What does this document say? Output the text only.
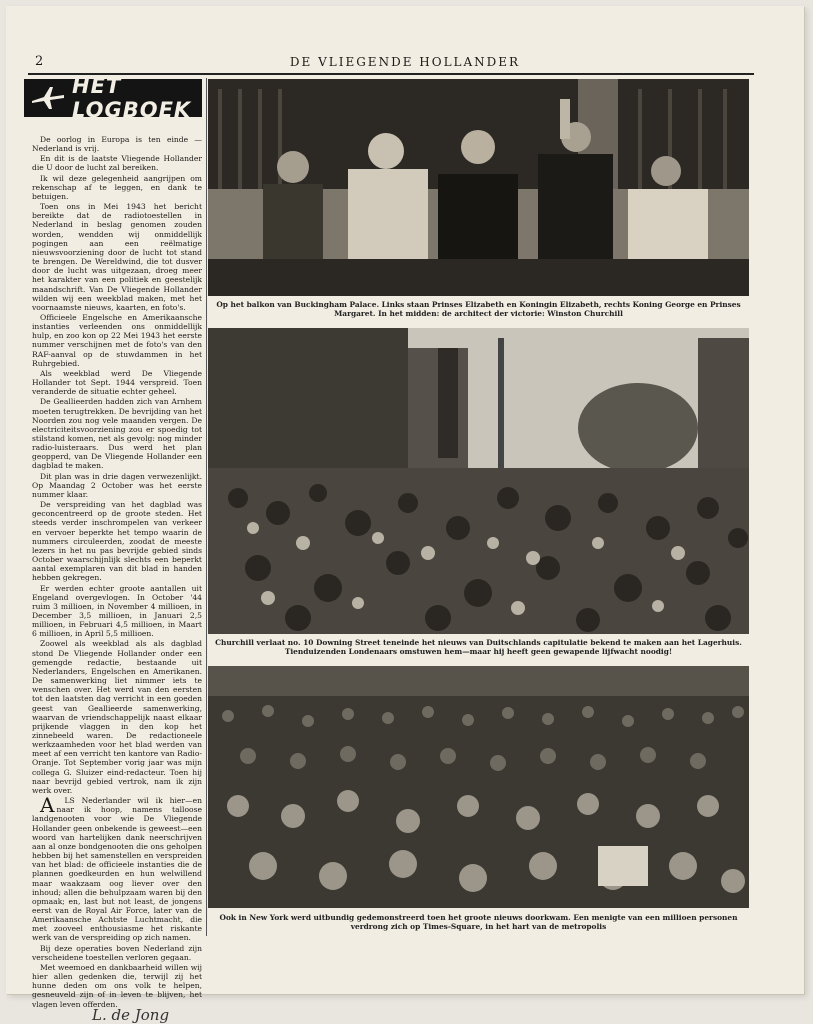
2	DE VLIEGENDE HOLLANDER
HET LOGBOEK

De oorlog in Europa is ten einde — Nederland is vrij.

En dit is de laatste Vliegende Hollander die U door de lucht zal bereiken.

Ik wil deze gelegenheid aangrijpen om rekenschap af te leggen, en dank te betuigen.

Toen ons in Mei 1943 het bericht bereikte dat de radiotoestellen in Nederland in beslag genomen zouden worden, wendden wij onmiddellijk pogingen aan een reëlmatige nieuwsvoorziening door de lucht tot stand te brengen. De Wereldwind, die tot dusver door de lucht was uitgezaan, droeg meer het karakter van een politiek en geestelijk maandschrift. Van De Vliegende Hollander wilden wij een weekblad maken, met het voornaamste nieuws, kaarten, en foto's.

Officieele Engelsche en Amerikaansche instanties verleenden ons onmiddellijk hulp, en zoo kon op 22 Mei 1943 het eerste nummer verschijnen met de foto's van den RAF-aanval op de stuwdammen in het Ruhrgebied.

Als weekblad werd De Vliegende Hollander tot Sept. 1944 verspreid. Toen veranderde de situatie echter geheel.

De Geallieerden hadden zich van Arnhem moeten terugtrekken. De bevrijding van het Noorden zou nog vele maanden vergen. De electriciteitsvoorziening zou er spoedig tot stilstand komen, net als gevolg: nog minder radio-luisteraars. Dus werd het plan geopperd, van De Vliegende Hollander een dagblad te maken.

Dit plan was in drie dagen verwezenlijkt. Op Maandag 2 October was het eerste nummer klaar.

De verspreiding van het dagblad was geconcentreerd op de groote steden. Het steeds verder inschrompelen van verkeer en vervoer beperkte het tempo waarin de nummers circuleerden, zoodat de meeste lezers in het nu pas bevrijde gebied sinds October waarschijnlijk slechts een beperkt aantal exemplaren van dit blad in handen hebben gekregen.

Er werden echter groote aantallen uit Engeland overgevlogen. In October '44 ruim 3 millioen, in November 4 millioen, in December 3,5 millioen, in Januari 2,5 millioen, in Februari 4,5 millioen, in Maart 6 millioen, in April 5,5 millioen.

Zoowel als weekblad als als dagblad stond De Vliegende Hollander onder een gemengde redactie, bestaande uit Nederlanders, Engelschen en Amerikanen. De samenwerking liet nimmer iets te wenschen over. Het werd van den eersten tot den laatsten dag verricht in een goeden geest van Geallieerde samenwerking, waarvan de vriendschappelijk naast elkaar prijkende vlaggen in den kop het zinnebeeld waren. De redactioneele werkzaamheden voor het blad werden van meet af een verricht ten kantore van Radio-Oranje. Tot September vorig jaar was mijn collega G. Sluizer eind-redacteur. Toen hij naar bevrijd gebied vertrok, nam ik zijn werk over.

ALS Nederlander wil ik hier—en naar ik hoop, namens talloose landgenooten voor wie De Vliegende Hollander geen onbekende is geweest—een woord van hartelijken dank neerschrijven aan al onze bondgenooten die ons geholpen hebben bij het samenstellen en verspreiden van het blad: de officieele instanties die de plannen goedkeurden en hun welwillend maar waakzaam oog liever over den inhoud; allen die behulpzaam waren bij den opmaak; en, last but not least, de jongens eerst van de Royal Air Force, later van de Amerikaansche Achtste Luchtmacht, die met zooveel enthousiasme het riskante werk van de verspreiding op zich namen.

Bij deze operaties boven Nederland zijn verscheidene toestellen verloren gegaan.

Met weemoed en dankbaarheid willen wij hier allen gedenken die, terwijl zij het hunne deden om ons volk te helpen, gesneuveld zijn of in leven te blijven, het vlagen leven offerden.

L. de Jong
Op het balkon van Buckingham Palace. Links staan Prinses Elizabeth en Koningin Elizabeth, rechts Koning George en Prinses Margaret. In het midden: de architect der victorie: Winston Churchill
Churchill verlaat no. 10 Downing Street teneinde het nieuws van Duitschlands capitulatie bekend te maken aan het Lagerhuis. Tienduizenden Londenaars omstuwen hem—maar hij heeft geen gewapende lijfwacht noodig!
Ook in New York werd uitbundig gedemonstreerd toen het groote nieuws doorkwam. Een menigte van een millioen personen verdrong zich op Times-Square, in het hart van de metropolis
